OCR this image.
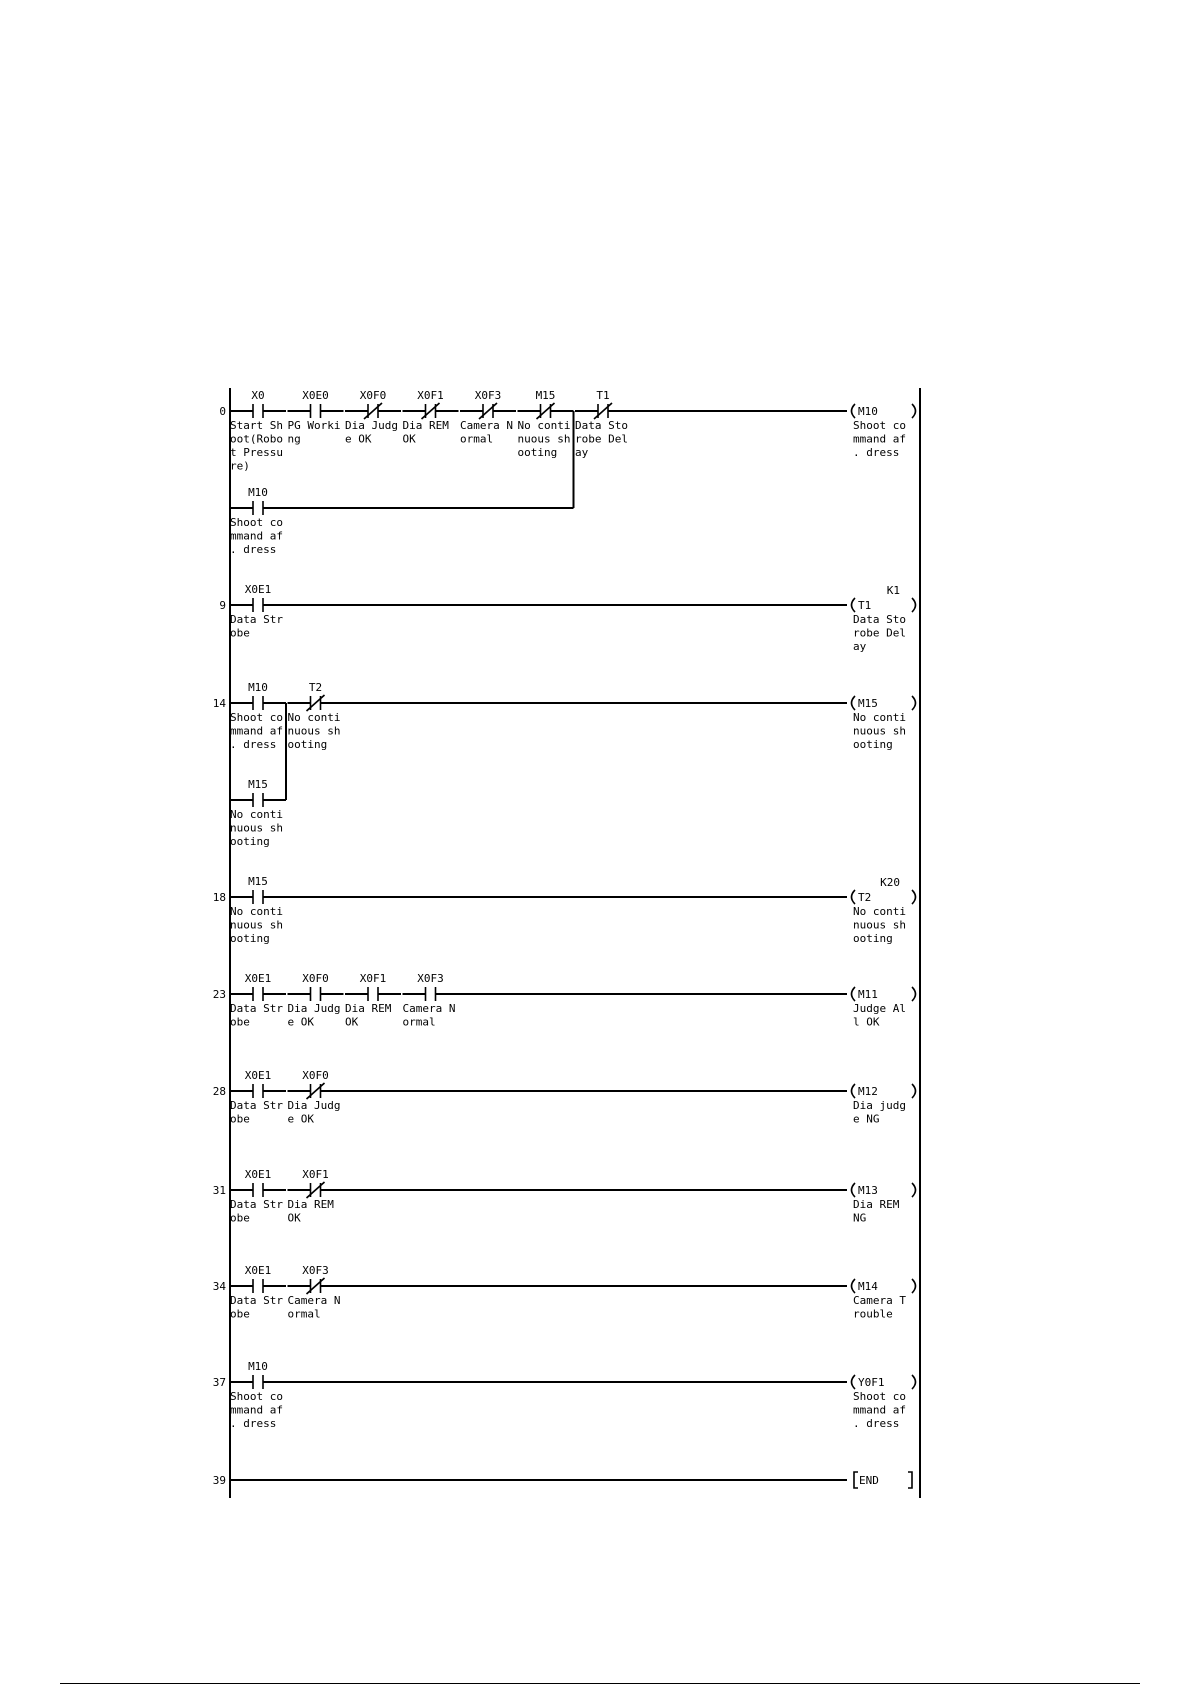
0
X0
Start Sh
oot(Robo
t Pressu
re)
X0E0
PG Worki
ng
X0F0
Dia Judg
e OK
X0F1
Dia REM
OK
X0F3
Camera N
ormal
M15
No conti
nuous sh
ooting
T1
Data Sto
robe Del
ay
M10
Shoot co
mmand af
. dress
M10
Shoot co
mmand af
. dress
9
X0E1
Data Str
obe
T1
K1
Data Sto
robe Del
ay
14
M10
Shoot co
mmand af
. dress
T2
No conti
nuous sh
ooting
M15
No conti
nuous sh
ooting
M15
No conti
nuous sh
ooting
18
M15
No conti
nuous sh
ooting
T2
K20
No conti
nuous sh
ooting
23
X0E1
Data Str
obe
X0F0
Dia Judg
e OK
X0F1
Dia REM
OK
X0F3
Camera N
ormal
M11
Judge Al
l OK
28
X0E1
Data Str
obe
X0F0
Dia Judg
e OK
M12
Dia judg
e NG
31
X0E1
Data Str
obe
X0F1
Dia REM
OK
M13
Dia REM
NG
34
X0E1
Data Str
obe
X0F3
Camera N
ormal
M14
Camera T
rouble
37
M10
Shoot co
mmand af
. dress
Y0F1
Shoot co
mmand af
. dress
39	END
